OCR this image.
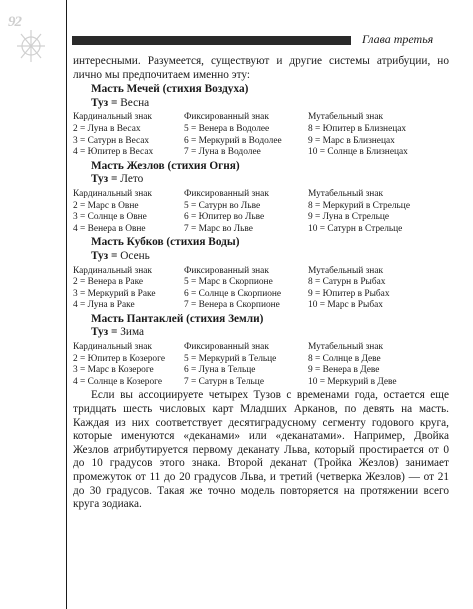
92
Глава третья
интересными. Разумеется, существуют и другие системы атрибуции, но лично мы предпочитаем именно эту:
Масть Мечей (стихия Воздуха)
Туз = Весна
Кардинальный знак	Фиксированный знак	Мутабельный знак
2 = Луна в Весах	5 = Венера в Водолее	8 = Юпитер в Близнецах
3 = Сатурн в Весах	6 = Меркурий в Водолее	9 = Марс в Близнецах
4 = Юпитер в Весах	7 = Луна в Водолее	10 = Солнце в Близнецах
Масть Жезлов (стихия Огня)
Туз = Лето
Кардинальный знак	Фиксированный знак	Мутабельный знак
2 = Марс в Овне	5 = Сатурн во Льве	8 = Меркурий в Стрельце
3 = Солнце в Овне	6 = Юпитер во Льве	9 = Луна в Стрельце
4 = Венера в Овне	7 = Марс во Льве	10 = Сатурн в Стрельце
Масть Кубков (стихия Воды)
Туз = Осень
Кардинальный знак	Фиксированный знак	Мутабельный знак
2 = Венера в Раке	5 = Марс в Скорпионе	8 = Сатурн в Рыбах
3 = Меркурий в Раке	6 = Солнце в Скорпионе	9 = Юпитер в Рыбах
4 = Луна в Раке	7 = Венера в Скорпионе	10 = Марс в Рыбах
Масть Пантаклей (стихия Земли)
Туз = Зима
Кардинальный знак	Фиксированный знак	Мутабельный знак
2 = Юпитер в Козероге	5 = Меркурий в Тельце	8 = Солнце в Деве
3 = Марс в Козероге	6 = Луна в Тельце	9 = Венера в Деве
4 = Солнце в Козероге	7 = Сатурн в Тельце	10 = Меркурий в Деве
Если вы ассоциируете четырех Тузов с временами года, остается еще тридцать шесть числовых карт Младших Арканов, по девять на масть. Каждая из них соответствует десятиградусному сегменту годового круга, которые именуются «деканами» или «деканатами». Например, Двойка Жезлов атрибутируется первому деканату Льва, который простирается от 0 до 10 градусов этого знака. Второй деканат (Тройка Жезлов) занимает промежуток от 11 до 20 градусов Льва, и третий (четверка Жезлов) — от 21 до 30 градусов. Такая же точно модель повторяется на протяжении всего круга зодиака.
